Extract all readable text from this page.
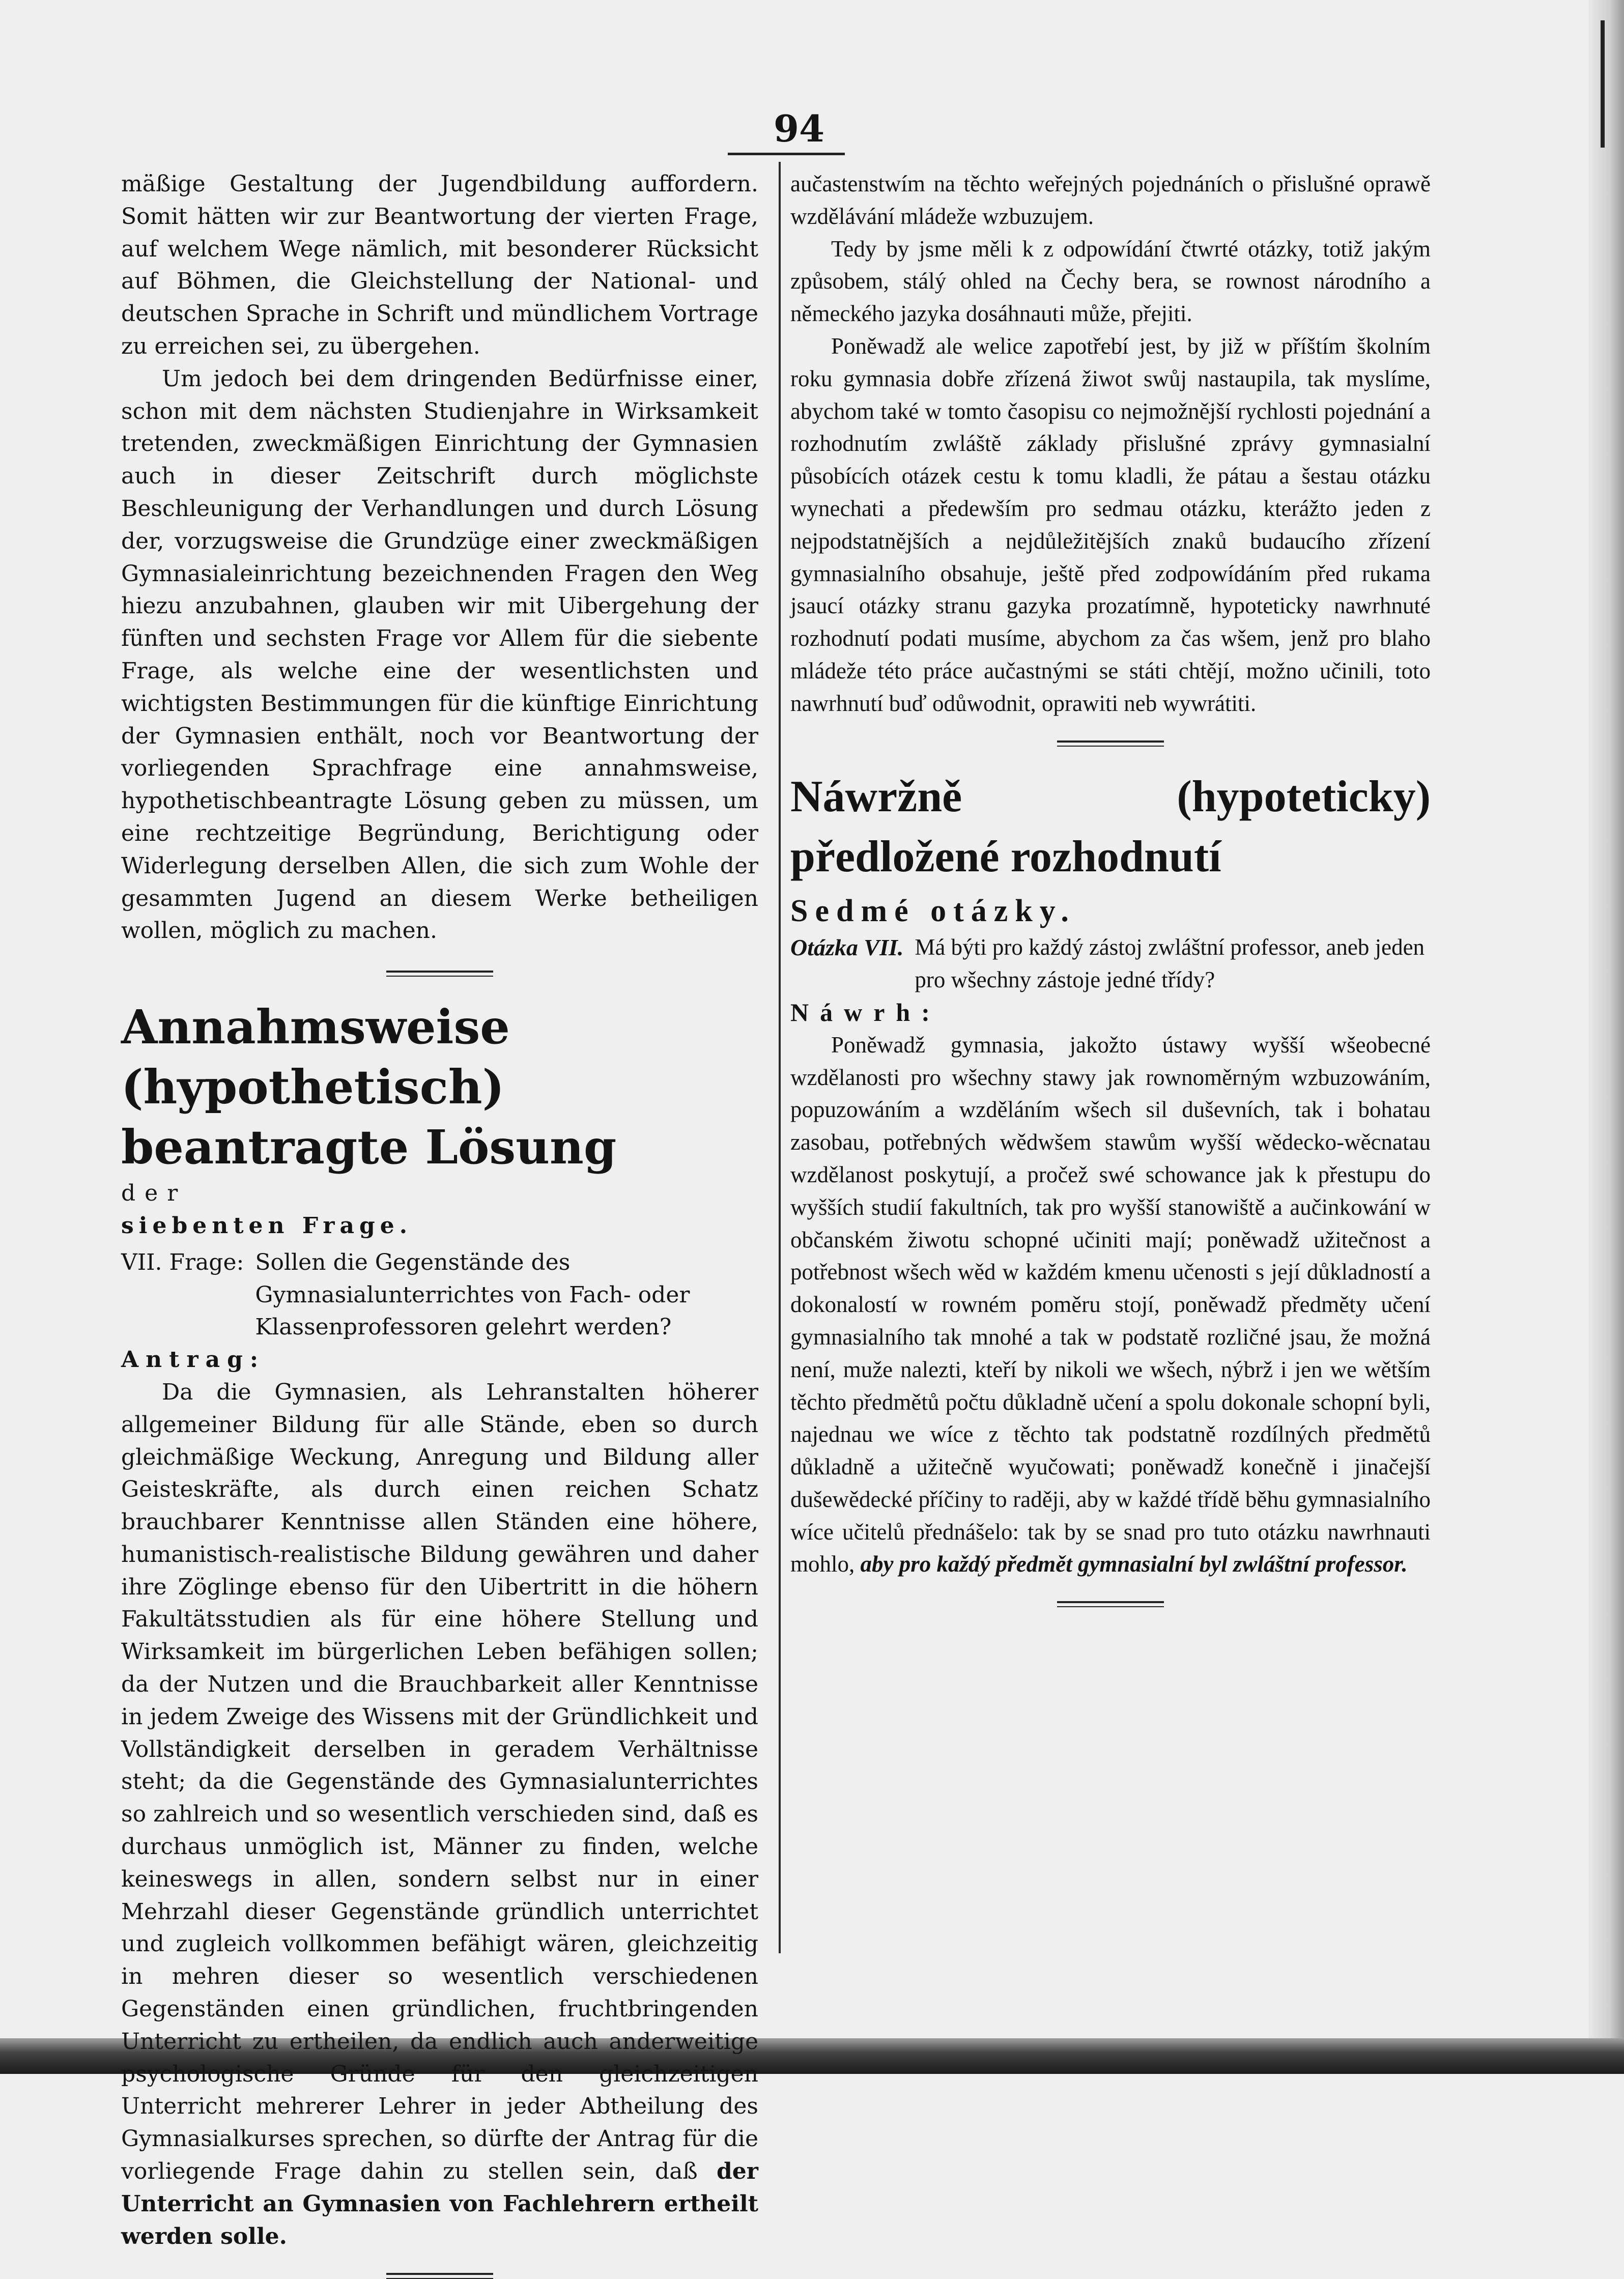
94

mäßige Gestaltung der Jugendbildung auffordern. Somit hätten wir zur Beantwortung der vierten Frage, auf welchem Wege nämlich, mit besonderer Rücksicht auf Böhmen, die Gleichstellung der National- und deutschen Sprache in Schrift und mündlichem Vortrage zu erreichen sei, zu übergehen.

Um jedoch bei dem dringenden Bedürfnisse einer, schon mit dem nächsten Studienjahre in Wirksamkeit tretenden, zweckmäßigen Einrichtung der Gymnasien auch in dieser Zeitschrift durch möglichste Beschleunigung der Verhandlungen und durch Lösung der, vorzugsweise die Grundzüge einer zweckmäßigen Gymnasialeinrichtung bezeichnenden Fragen den Weg hiezu anzubahnen, glauben wir mit Uibergehung der fünften und sechsten Frage vor Allem für die siebente Frage, als welche eine der wesentlichsten und wichtigsten Bestimmungen für die künftige Einrichtung der Gymnasien enthält, noch vor Beantwortung der vorliegenden Sprachfrage eine annahmsweise, hypothetischbeantragte Lösung geben zu müssen, um eine rechtzeitige Begründung, Berichtigung oder Widerlegung derselben Allen, die sich zum Wohle der gesammten Jugend an diesem Werke betheiligen wollen, möglich zu machen.

Annahmsweise (hypothetisch) beantragte Lösung

der

siebenten Frage.

VII. Frage: Sollen die Gegenstände des Gymnasialunterrichtes von Fach- oder Klassenprofessoren gelehrt werden?

Antrag:

Da die Gymnasien, als Lehranstalten höherer allgemeiner Bildung für alle Stände, eben so durch gleichmäßige Weckung, Anregung und Bildung aller Geisteskräfte, als durch einen reichen Schatz brauchbarer Kenntnisse allen Ständen eine höhere, humanistisch-realistische Bildung gewähren und daher ihre Zöglinge ebenso für den Uibertritt in die höhern Fakultätsstudien als für eine höhere Stellung und Wirksamkeit im bürgerlichen Leben befähigen sollen; da der Nutzen und die Brauchbarkeit aller Kenntnisse in jedem Zweige des Wissens mit der Gründlichkeit und Vollständigkeit derselben in geradem Verhältnisse steht; da die Gegenstände des Gymnasialunterrichtes so zahlreich und so wesentlich verschieden sind, daß es durchaus unmöglich ist, Männer zu finden, welche keineswegs in allen, sondern selbst nur in einer Mehrzahl dieser Gegenstände gründlich unterrichtet und zugleich vollkommen befähigt wären, gleichzeitig in mehren dieser so wesentlich verschiedenen Gegenständen einen gründlichen, fruchtbringenden Unterricht zu ertheilen, da endlich auch anderweitige psychologische Gründe für den gleichzeitigen Unterricht mehrerer Lehrer in jeder Abtheilung des Gymnasialkurses sprechen, so dürfte der Antrag für die vorliegende Frage dahin zu stellen sein, daß der Unterricht an Gymnasien von Fachlehrern ertheilt werden solle.

aučastenstwím na těchto weřejných pojednáních o přislušné oprawě wzdělávání mládeže wzbuzujem.

Tedy by jsme měli k z odpowídání čtwrté otázky, totiž jakým způsobem, stálý ohled na Čechy bera, se rownost národního a německého jazyka dosáhnauti může, přejiti.

Poněwadž ale welice zapotřebí jest, by již w příštím školním roku gymnasia dobře zřízená žiwot swůj nastaupila, tak myslíme, abychom také w tomto časopisu co nejmožnější rychlosti pojednání a rozhodnutím zwláště základy přislušné zprávy gymnasialní působících otázek cestu k tomu kladli, že pátau a šestau otázku wynechati a předewším pro sedmau otázku, kterážto jeden z nejpodstatnějších a nejdůležitějších znaků budaucího zřízení gymnasialního obsahuje, ještě před zodpowídáním před rukama jsaucí otázky stranu gazyka prozatímně, hypoteticky nawrhnuté rozhodnutí podati musíme, abychom za čas wšem, jenž pro blaho mládeže této práce aučastnými se státi chtějí, možno učinili, toto nawrhnutí buď odůwodnit, oprawiti neb wywrátiti.

Náwržně (hypoteticky) předložené rozhodnutí

Sedmé otázky.

Otázka VII. Má býti pro každý zástoj zwláštní professor, aneb jeden pro wšechny zástoje jedné třídy?

Náwrh:

Poněwadž gymnasia, jakožto ústawy wyšší wšeobecné wzdělanosti pro wšechny stawy jak rownoměrným wzbuzowáním, popuzowáním a wzděláním wšech sil duševních, tak i bohatau zasobau, potřebných wědwšem stawům wyšší wědecko-wěcnatau wzdělanost poskytují, a pročež swé schowance jak k přestupu do wyšších studií fakultních, tak pro wyšší stanowiště a aučinkowání w občanském žiwotu schopné učiniti mají; poněwadž užitečnost a potřebnost wšech wěd w každém kmenu učenosti s její důkladností a dokonalostí w rowném poměru stojí, poněwadž předměty učení gymnasialního tak mnohé a tak w podstatě rozličné jsau, že možná není, muže nalezti, kteří by nikoli we wšech, nýbrž i jen we wětším těchto předmětů počtu důkladně učení a spolu dokonale schopní byli, najednau we wíce z těchto tak podstatně rozdílných předmětů důkladně a užitečně wyučowati; poněwadž konečně i jinačejší dušewědecké příčiny to raději, aby w každé třídě běhu gymnasialního wíce učitelů přednášelo: tak by se snad pro tuto otázku nawrhnauti mohlo, aby pro každý předmět gymnasialní byl zwláštní professor.
